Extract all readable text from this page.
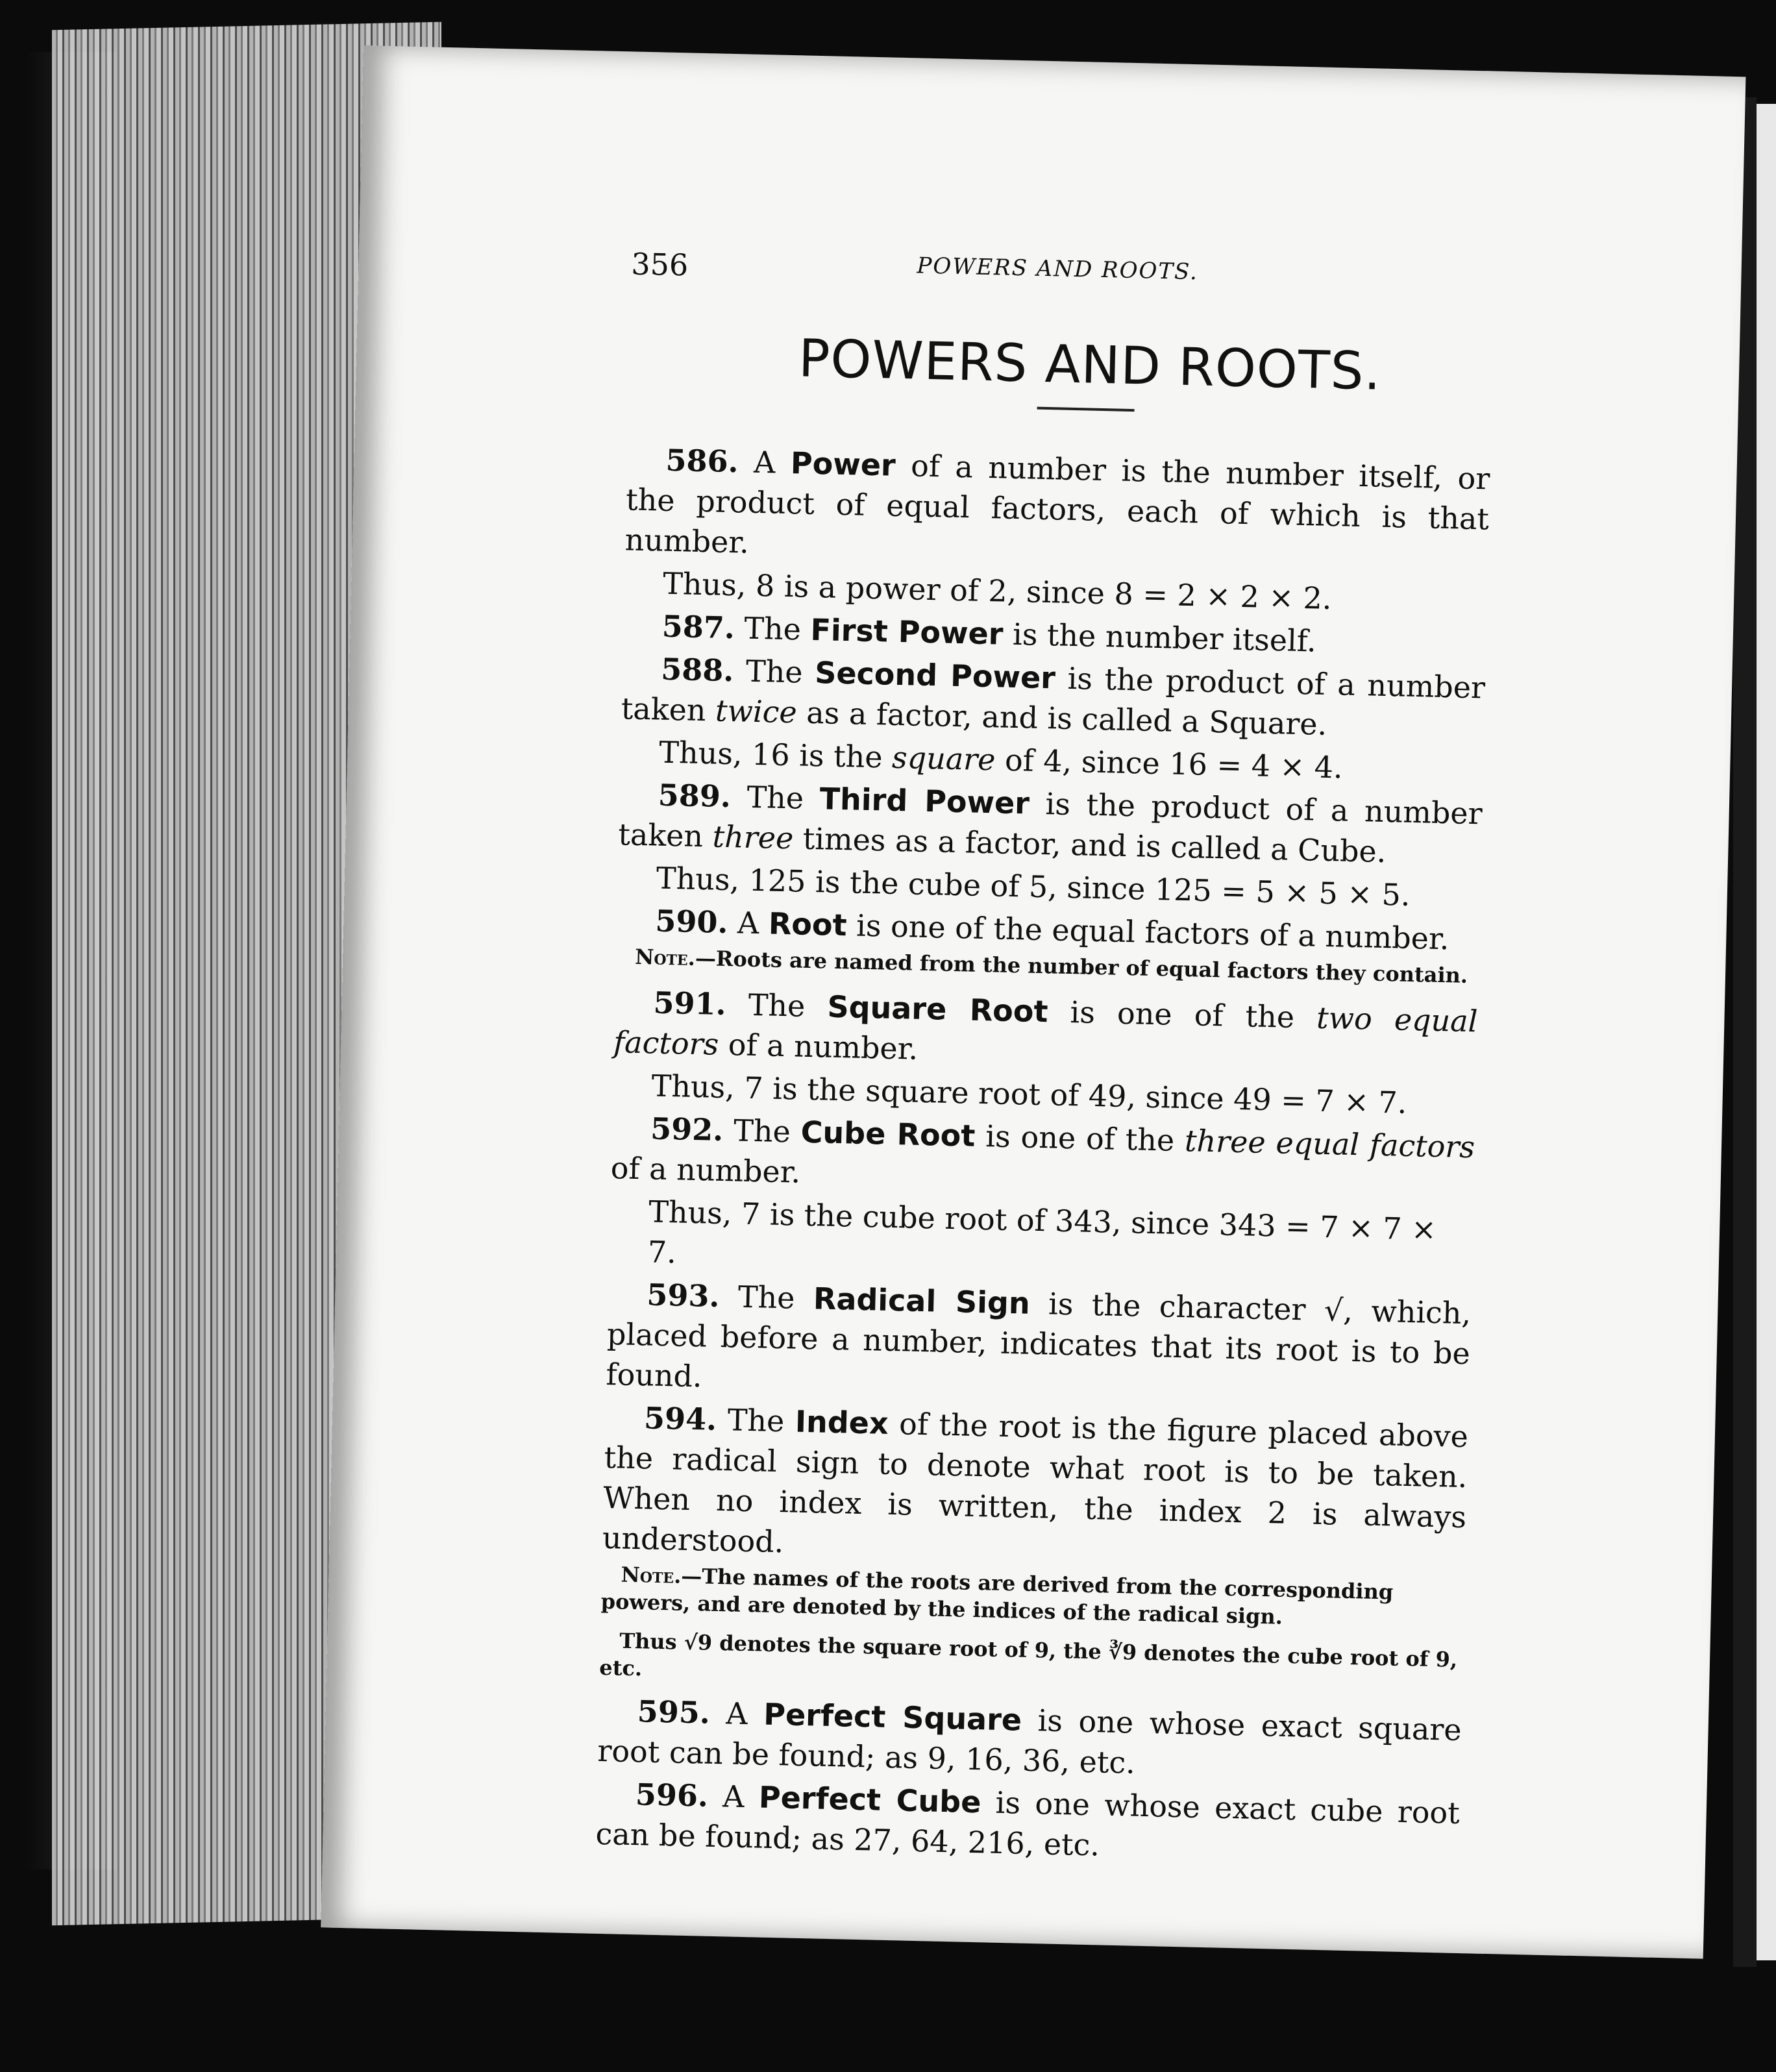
356	POWERS AND ROOTS.
POWERS AND ROOTS.

586. A Power of a number is the number itself, or the product of equal factors, each of which is that number.

Thus, 8 is a power of 2, since 8 = 2 × 2 × 2.

587. The First Power is the number itself.

588. The Second Power is the product of a number taken twice as a factor, and is called a Square.

Thus, 16 is the square of 4, since 16 = 4 × 4.

589. The Third Power is the product of a number taken three times as a factor, and is called a Cube.

Thus, 125 is the cube of 5, since 125 = 5 × 5 × 5.

590. A Root is one of the equal factors of a number.

Note.—Roots are named from the number of equal factors they contain.

591. The Square Root is one of the two equal factors of a number.

Thus, 7 is the square root of 49, since 49 = 7 × 7.

592. The Cube Root is one of the three equal factors of a number.

Thus, 7 is the cube root of 343, since 343 = 7 × 7 × 7.

593. The Radical Sign is the character √, which, placed before a number, indicates that its root is to be found.

594. The Index of the root is the figure placed above the radical sign to denote what root is to be taken. When no index is written, the index 2 is always understood.

Note.—The names of the roots are derived from the corresponding powers, and are denoted by the indices of the radical sign.

Thus √9 denotes the square root of 9, the ∛9 denotes the cube root of 9, etc.

595. A Perfect Square is one whose exact square root can be found; as 9, 16, 36, etc.

596. A Perfect Cube is one whose exact cube root can be found; as 27, 64, 216, etc.
